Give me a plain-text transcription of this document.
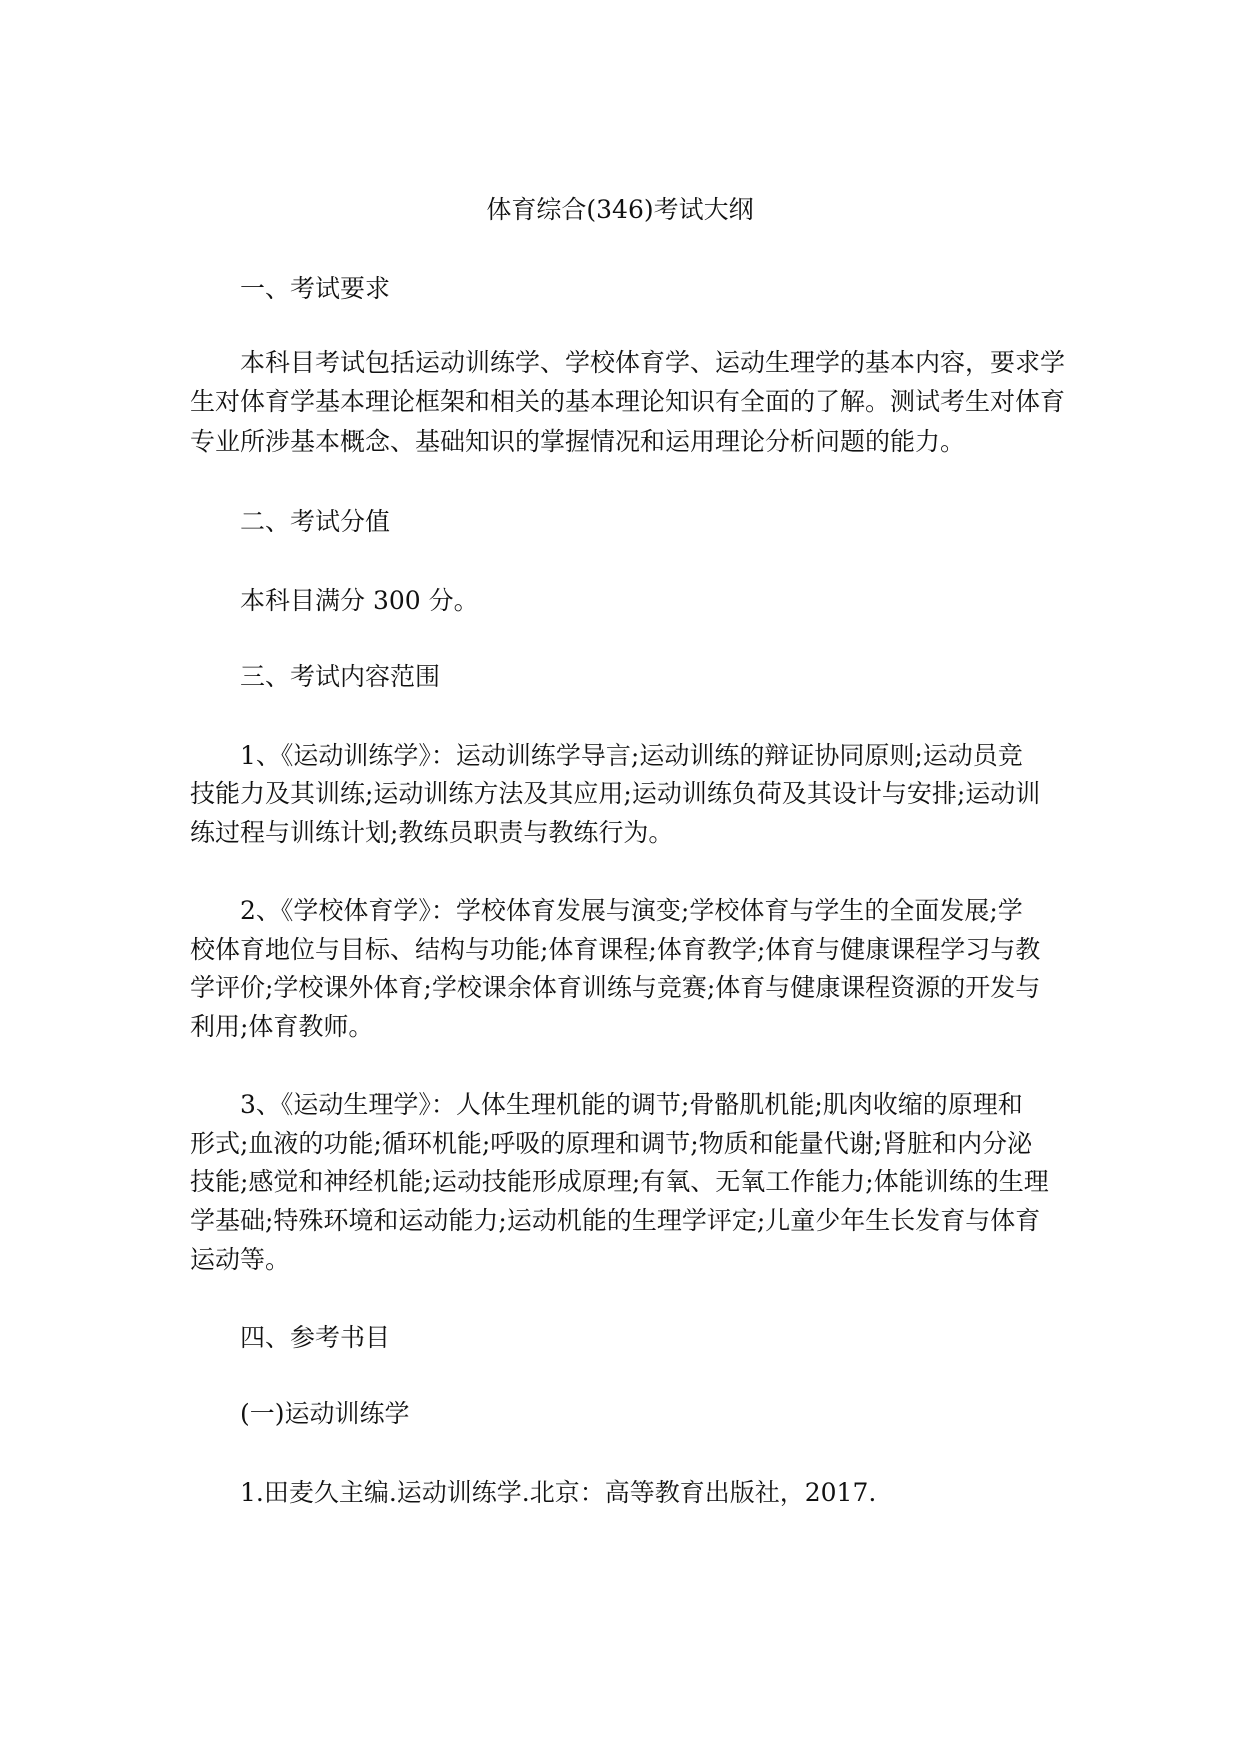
体育综合(346)考试大纲
一、考试要求
本科目考试包括运动训练学、学校体育学、运动生理学的基本内容，要求学
生对体育学基本理论框架和相关的基本理论知识有全面的了解。测试考生对体育
专业所涉基本概念、基础知识的掌握情况和运用理论分析问题的能力。
二、考试分值
本科目满分 300 分。
三、考试内容范围
1、《运动训练学》：运动训练学导言;运动训练的辩证协同原则;运动员竞
技能力及其训练;运动训练方法及其应用;运动训练负荷及其设计与安排;运动训
练过程与训练计划;教练员职责与教练行为。
2、《学校体育学》：学校体育发展与演变;学校体育与学生的全面发展;学
校体育地位与目标、结构与功能;体育课程;体育教学;体育与健康课程学习与教
学评价;学校课外体育;学校课余体育训练与竞赛;体育与健康课程资源的开发与
利用;体育教师。
3、《运动生理学》：人体生理机能的调节;骨骼肌机能;肌肉收缩的原理和
形式;血液的功能;循环机能;呼吸的原理和调节;物质和能量代谢;肾脏和内分泌
技能;感觉和神经机能;运动技能形成原理;有氧、无氧工作能力;体能训练的生理
学基础;特殊环境和运动能力;运动机能的生理学评定;儿童少年生长发育与体育
运动等。
四、参考书目
(一)运动训练学
1.田麦久主编.运动训练学.北京：高等教育出版社，2017.
